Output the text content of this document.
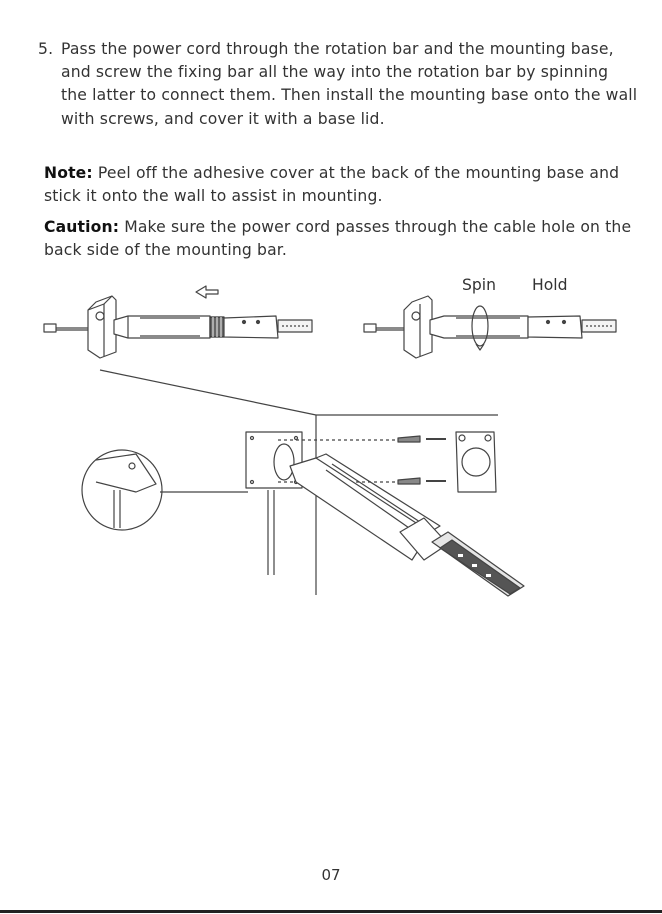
5. Pass the power cord through the rotation bar and the mounting base, and screw the fixing bar all the way into the rotation bar by spinning the latter to connect them. Then install the mounting base onto the wall with screws, and cover it with a base lid.
Note: Peel off the adhesive cover at the back of the mounting base and stick it onto the wall to assist in mounting.
Caution: Make sure the power cord passes through the cable hole on the back side of the mounting bar.
Spin Hold
07
